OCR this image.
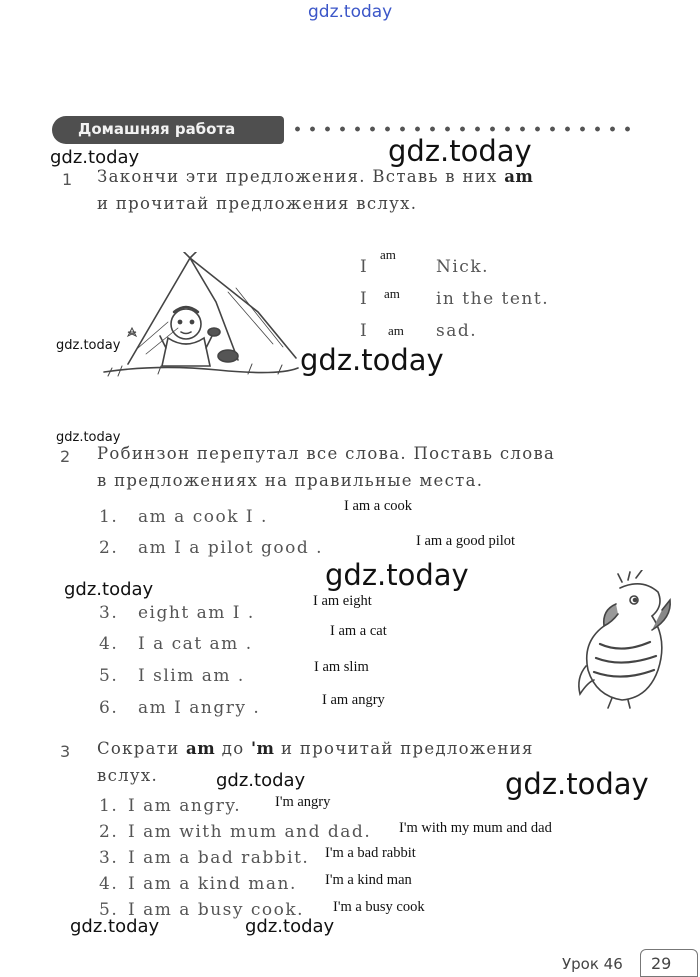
gdz.today
Домашняя работа
gdz.today	gdz.today
1 Закончи эти предложения. Вставь в них am
и прочитай предложения вслух.
gdz.today	gdz.today
I
am
Nick.
I am in the tent.
I am sad.
gdz.today
2 Робинзон перепутал все слова. Поставь слова
в предложениях на правильные места.
1. am a cook I .
I am a cook
2. am I a pilot good .	I am a good pilot
gdz.today
gdz.today
3. eight am I .
I am eight
4. I a cat am .
I am a cat
5. I slim am .	I am slim
6. am I angry .	I am angry
3 Сократи am до 'm и прочитай предложения
вслух.	gdz.today	gdz.today
1. I am angry. I'm angry
2. I am with mum and dad. I'm with my mum and dad
3. I am a bad rabbit. I'm a bad rabbit
4. I am a kind man. I'm a kind man
5. I am a busy cook. I'm a busy cook
gdz.today	gdz.today
Урок 46 29
